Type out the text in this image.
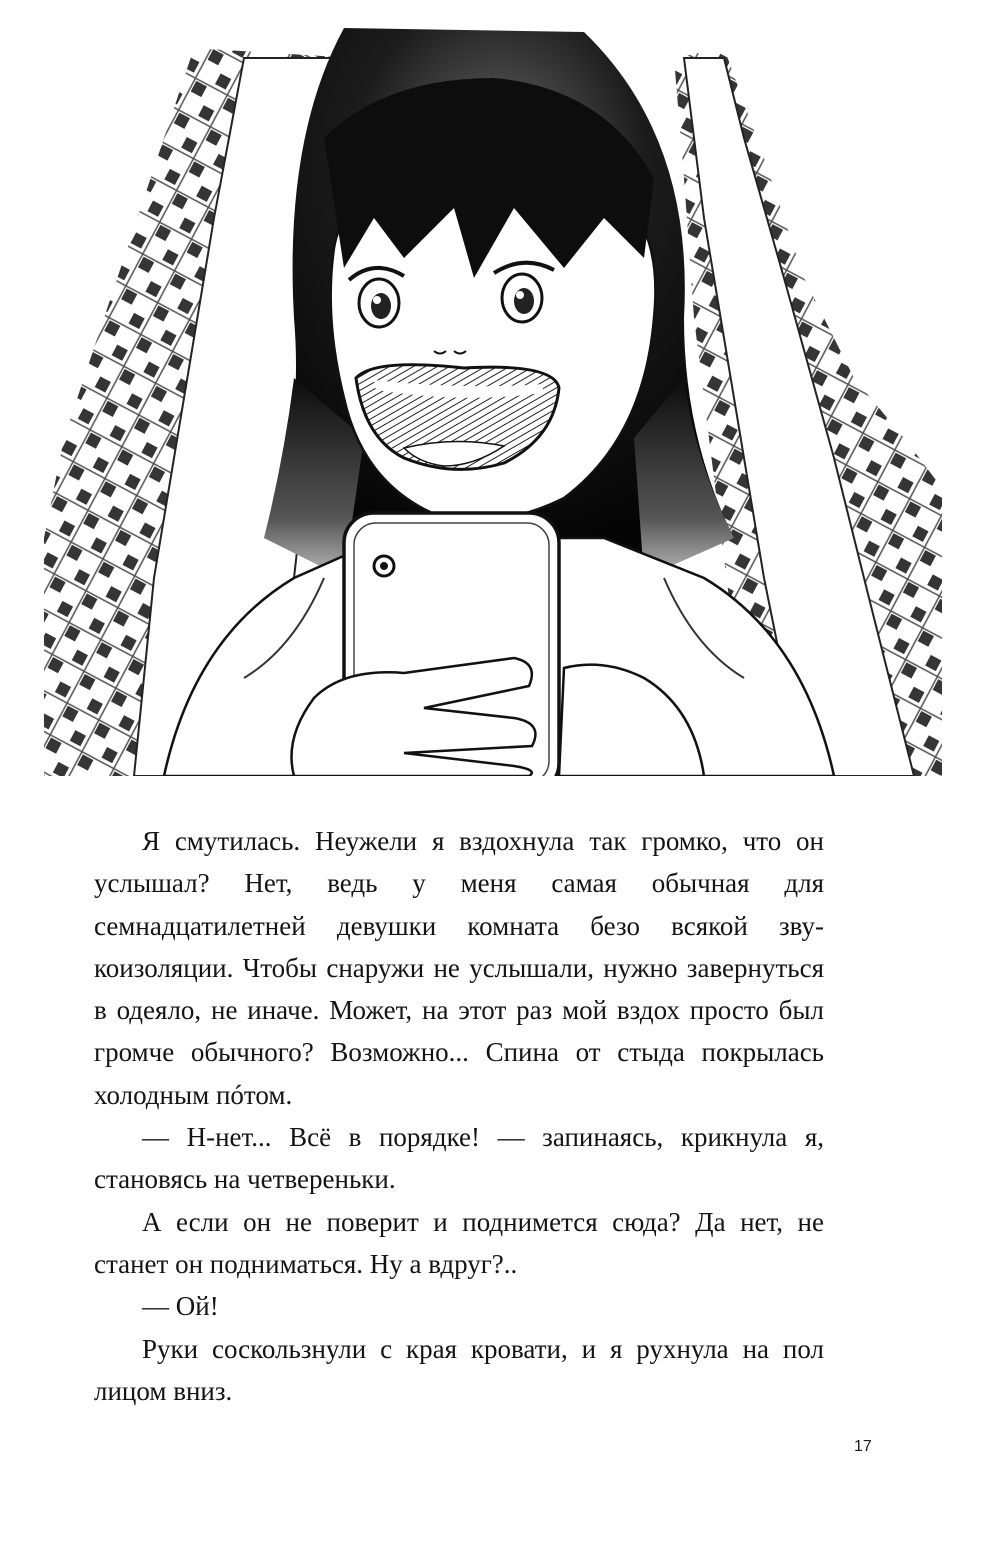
Я смутилась. Неужели я вздохнула так громко, что он услышал? Нет, ведь у меня самая обычная для семнадцатилетней девушки комната безо всякой звукоизоляции. Чтобы снаружи не услышали, нужно завернуться в одеяло, не иначе. Может, на этот раз мой вздох просто был громче обычного? Возможно... Спина от стыда покрылась холодным пóтом.

— Н-нет... Всё в порядке! — запинаясь, крикнула я, становясь на четвереньки.

А если он не поверит и поднимется сюда? Да нет, не станет он подниматься. Ну а вдруг?..

— Ой!

Руки соскользнули с края кровати, и я рухнула на пол лицом вниз.

17
